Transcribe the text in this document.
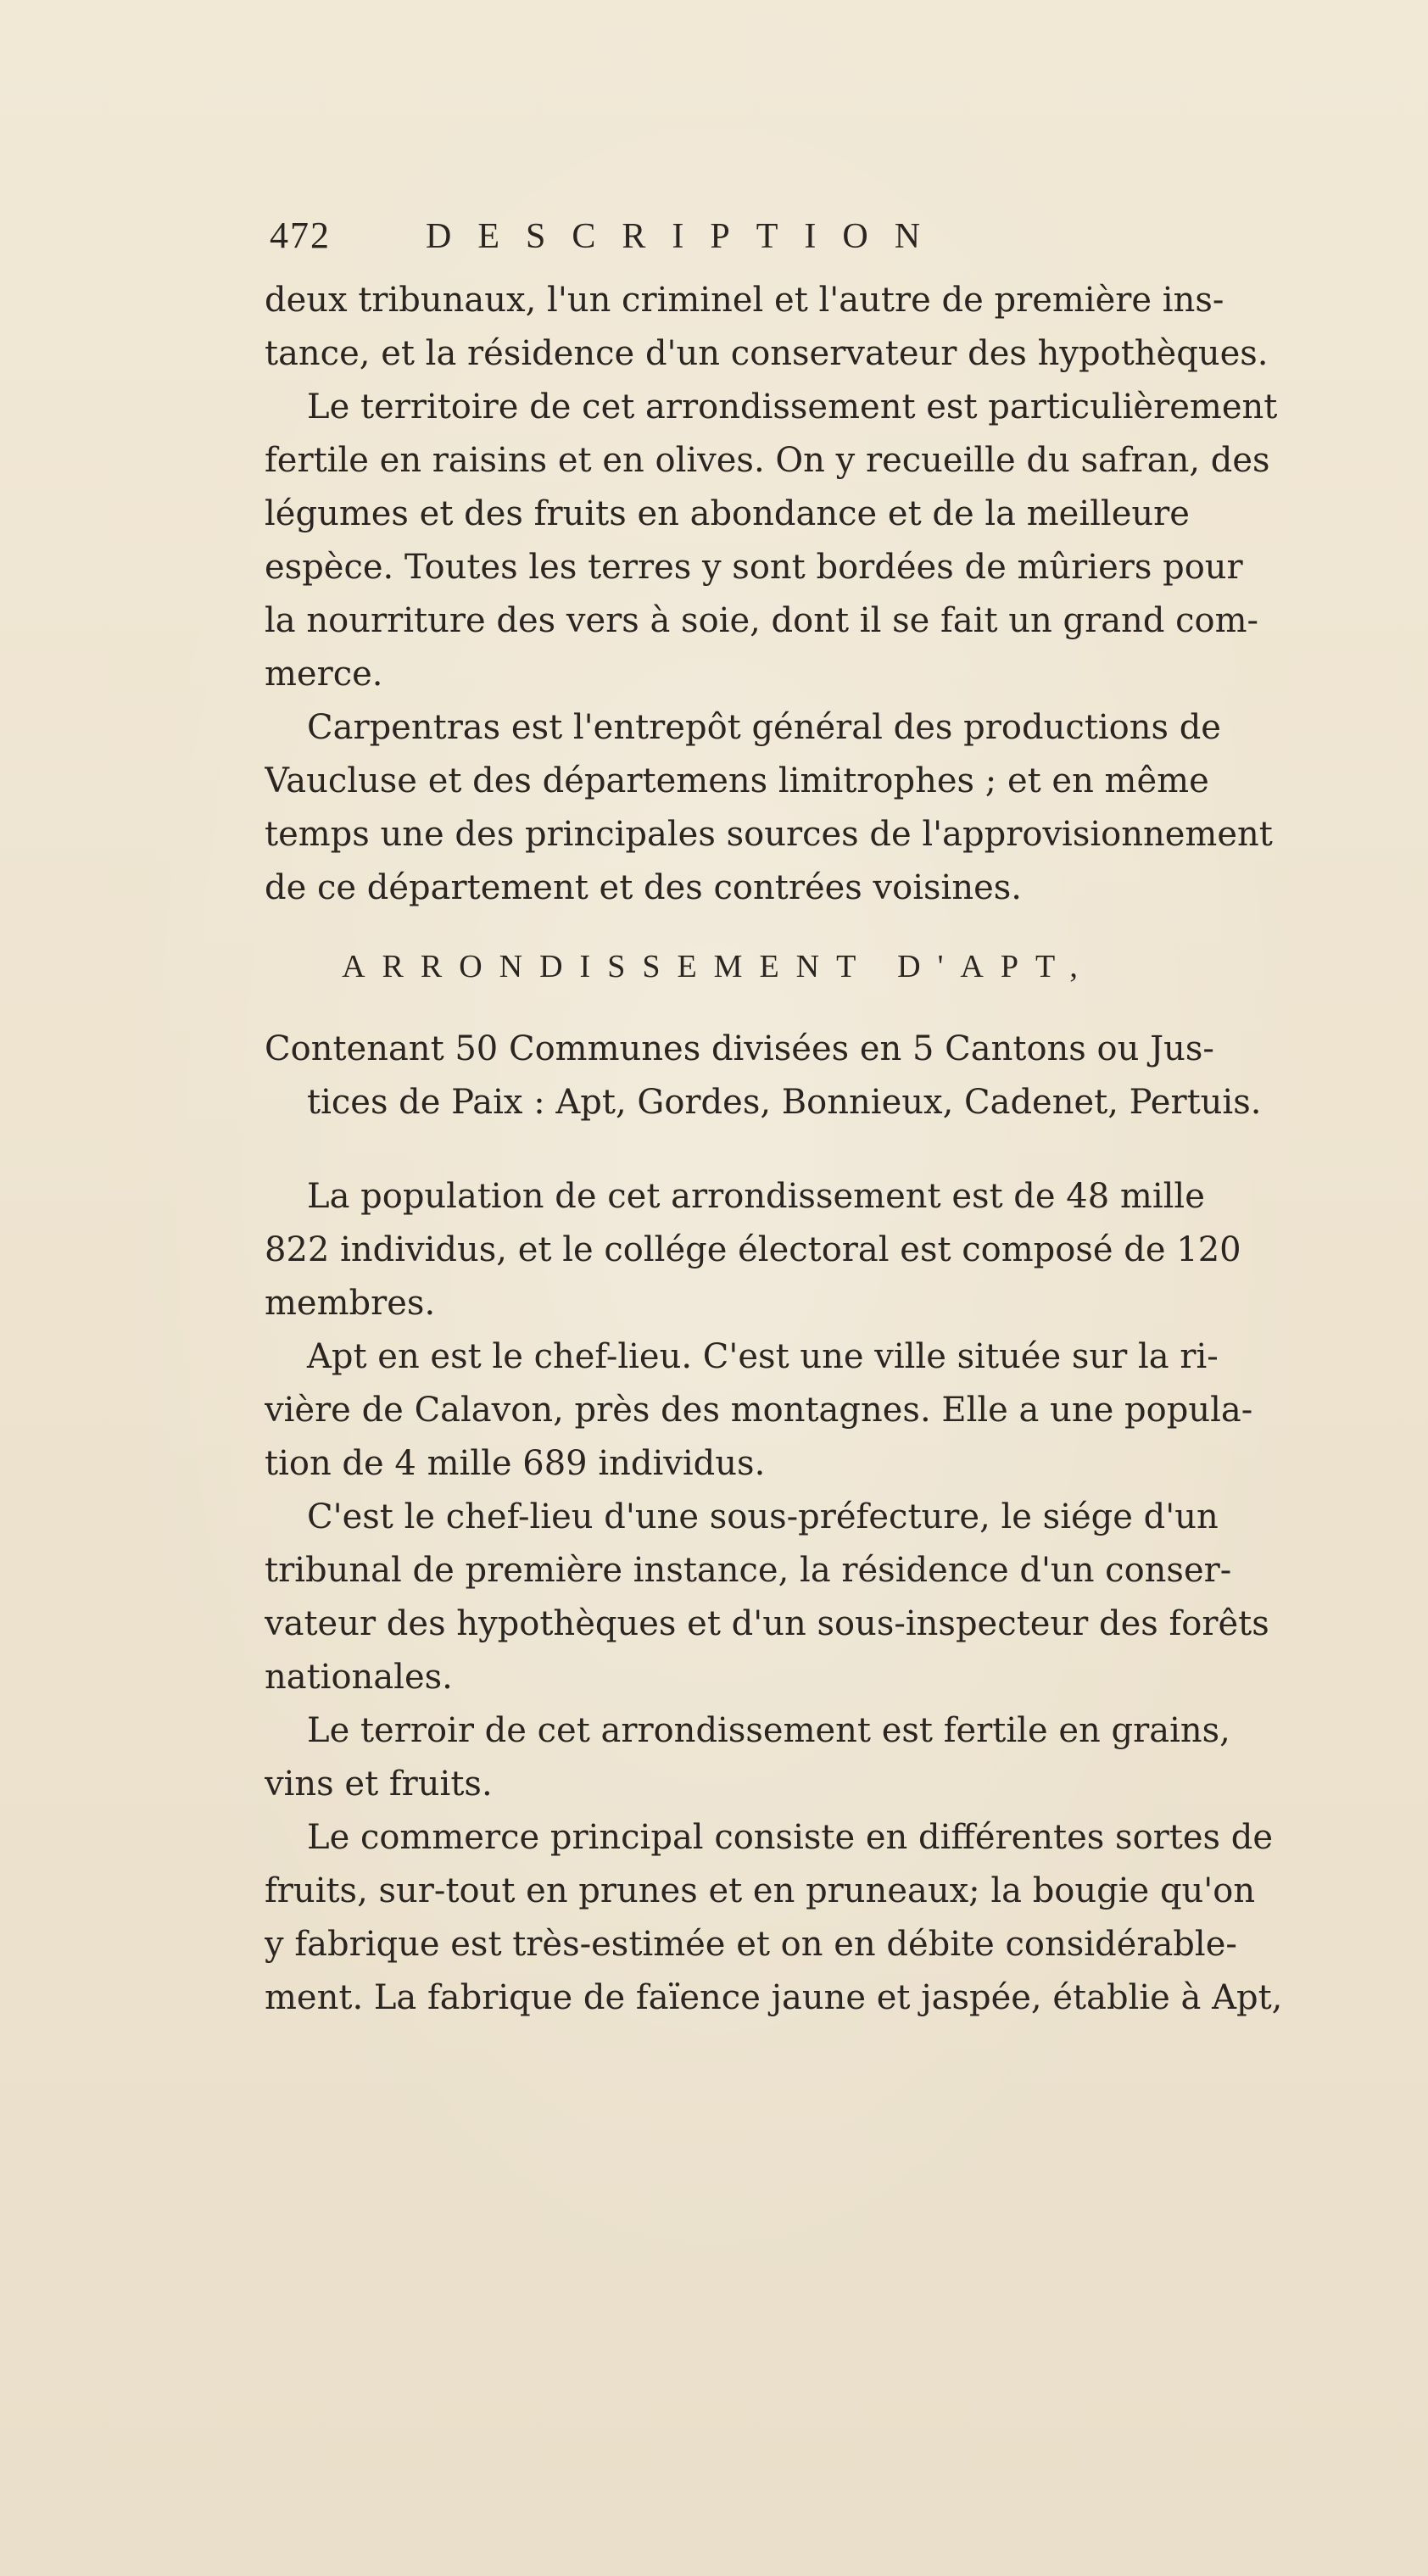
472	DESCRIPTION
deux tribunaux, l'un criminel et l'autre de première ins-
tance, et la résidence d'un conservateur des hypothèques.
Le territoire de cet arrondissement est particulièrement
fertile en raisins et en olives. On y recueille du safran, des
légumes et des fruits en abondance et de la meilleure
espèce. Toutes les terres y sont bordées de mûriers pour
la nourriture des vers à soie, dont il se fait un grand com-
merce.
Carpentras est l'entrepôt général des productions de
Vaucluse et des départemens limitrophes ; et en même
temps une des principales sources de l'approvisionnement
de ce département et des contrées voisines.
ARRONDISSEMENT D'APT,
Contenant 50 Communes divisées en 5 Cantons ou Jus-
tices de Paix : Apt, Gordes, Bonnieux, Cadenet, Pertuis.
La population de cet arrondissement est de 48 mille
822 individus, et le collége électoral est composé de 120
membres.
Apt en est le chef-lieu. C'est une ville située sur la ri-
vière de Calavon, près des montagnes. Elle a une popula-
tion de 4 mille 689 individus.
C'est le chef-lieu d'une sous-préfecture, le siége d'un
tribunal de première instance, la résidence d'un conser-
vateur des hypothèques et d'un sous-inspecteur des forêts
nationales.
Le terroir de cet arrondissement est fertile en grains,
vins et fruits.
Le commerce principal consiste en différentes sortes de
fruits, sur-tout en prunes et en pruneaux; la bougie qu'on
y fabrique est très-estimée et on en débite considérable-
ment. La fabrique de faïence jaune et jaspée, établie à Apt,
